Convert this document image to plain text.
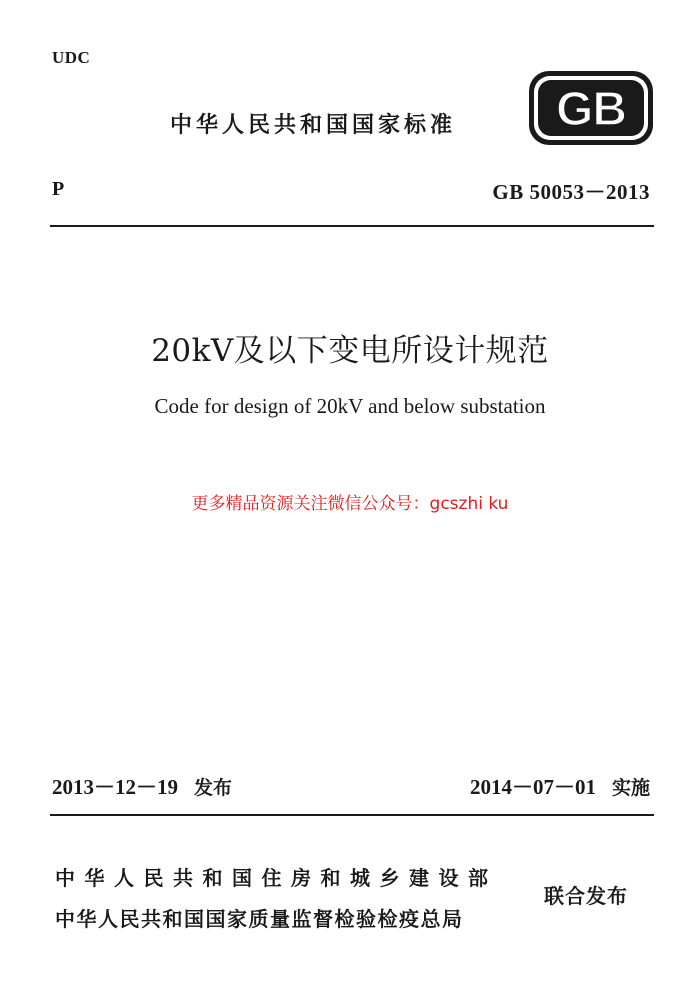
UDC
中华人民共和国国家标准 GB
P	GB 50053－2013
20kV及以下变电所设计规范
Code for design of 20kV and below substation
更多精品资源关注微信公众号：gcszhi ku
2013－12－19 发布	2014－07－01 实施
中华人民共和国住房和城乡建设部
中华人民共和国国家质量监督检验检疫总局
联合发布
